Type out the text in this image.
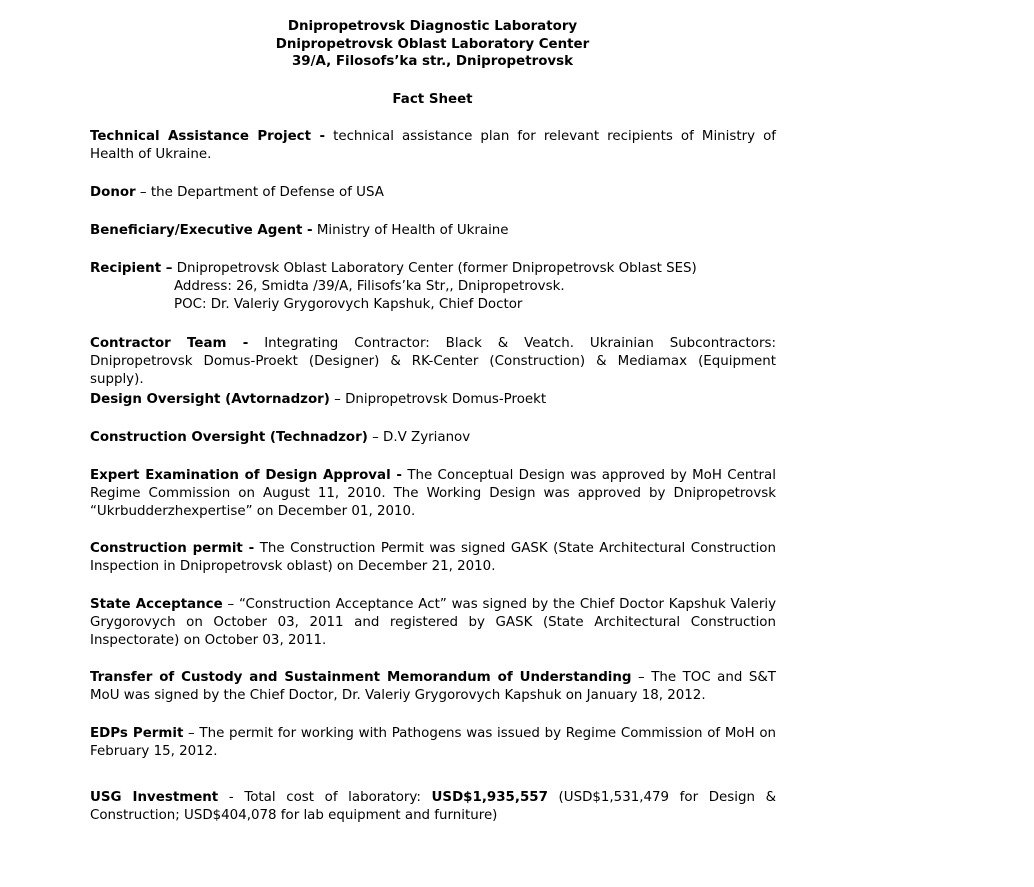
Dnipropetrovsk Diagnostic Laboratory
Dnipropetrovsk Oblast Laboratory Center
39/A, Filosofs’ka str., Dnipropetrovsk
Fact Sheet
Technical Assistance Project - technical assistance plan for relevant recipients of Ministry of Health of Ukraine.
Donor – the Department of Defense of USA
Beneficiary/Executive Agent - Ministry of Health of Ukraine
Recipient – Dnipropetrovsk Oblast Laboratory Center (former Dnipropetrovsk Oblast SES)
Address: 26, Smidta /39/A, Filisofs’ka Str‚, Dnipropetrovsk.
POC: Dr. Valeriy Grygorovych Kapshuk, Chief Doctor
Contractor Team - Integrating Contractor: Black & Veatch. Ukrainian Subcontractors: Dnipropetrovsk Domus-Proekt (Designer) & RK-Center (Construction) & Mediamax (Equipment supply).
Design Oversight (Avtornadzor) – Dnipropetrovsk Domus-Proekt
Construction Oversight (Technadzor) – D.V Zyrianov
Expert Examination of Design Approval - The Conceptual Design was approved by MoH Central Regime Commission on August 11, 2010. The Working Design was approved by Dnipropetrovsk “Ukrbudderzhexpertise” on December 01, 2010.
Construction permit - The Construction Permit was signed GASK (State Architectural Construction Inspection in Dnipropetrovsk oblast) on December 21, 2010.
State Acceptance – “Construction Acceptance Act” was signed by the Chief Doctor Kapshuk Valeriy Grygorovych on October 03, 2011 and registered by GASK (State Architectural Construction Inspectorate) on October 03, 2011.
Transfer of Custody and Sustainment Memorandum of Understanding – The TOC and S&T MoU was signed by the Chief Doctor, Dr. Valeriy Grygorovych Kapshuk on January 18, 2012.
EDPs Permit – The permit for working with Pathogens was issued by Regime Commission of MoH on February 15, 2012.
USG Investment - Total cost of laboratory: USD$1,935,557 (USD$1,531,479 for Design & Construction; USD$404,078 for lab equipment and furniture)
